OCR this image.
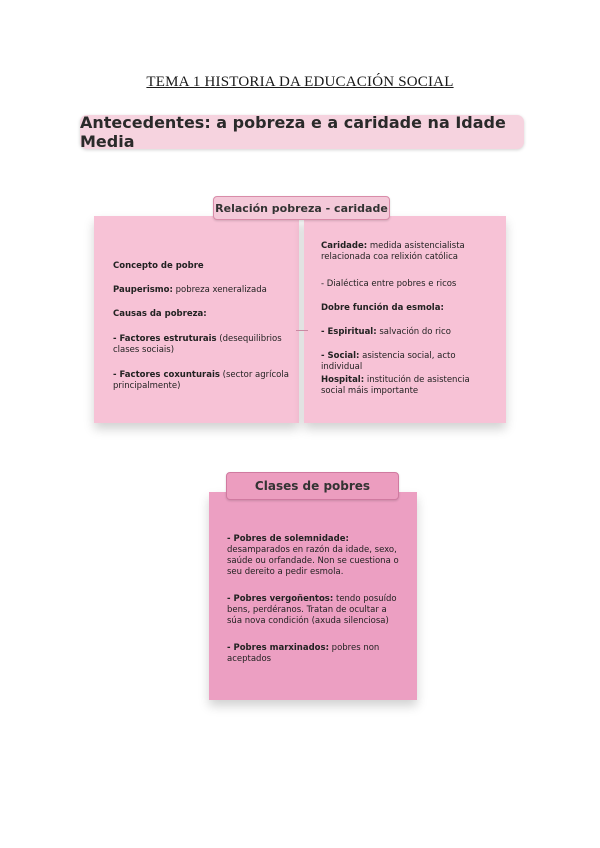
TEMA 1 HISTORIA DA EDUCACIÓN SOCIAL
Antecedentes: a pobreza e a caridade na Idade Media
Relación pobreza - caridade
Concepto de pobre
Pauperismo: pobreza xeneralizada
Causas da pobreza:
- Factores estruturais (desequilibrios clases sociais)
- Factores coxunturais (sector agrícola principalmente)
Caridade: medida asistencialista relacionada coa relixión católica
- Dialéctica entre pobres e ricos
Dobre función da esmola:
- Espiritual: salvación do rico
- Social: asistencia social, acto individual
Hospital: institución de asistencia social máis importante
Clases de pobres
- Pobres de solemnidade:
desamparados en razón da idade, sexo, saúde ou orfandade. Non se cuestiona o seu dereito a pedir esmola.
- Pobres vergoñentos: tendo posuído bens, perdéranos. Tratan de ocultar a súa nova condición (axuda silenciosa)
- Pobres marxinados: pobres non aceptados
